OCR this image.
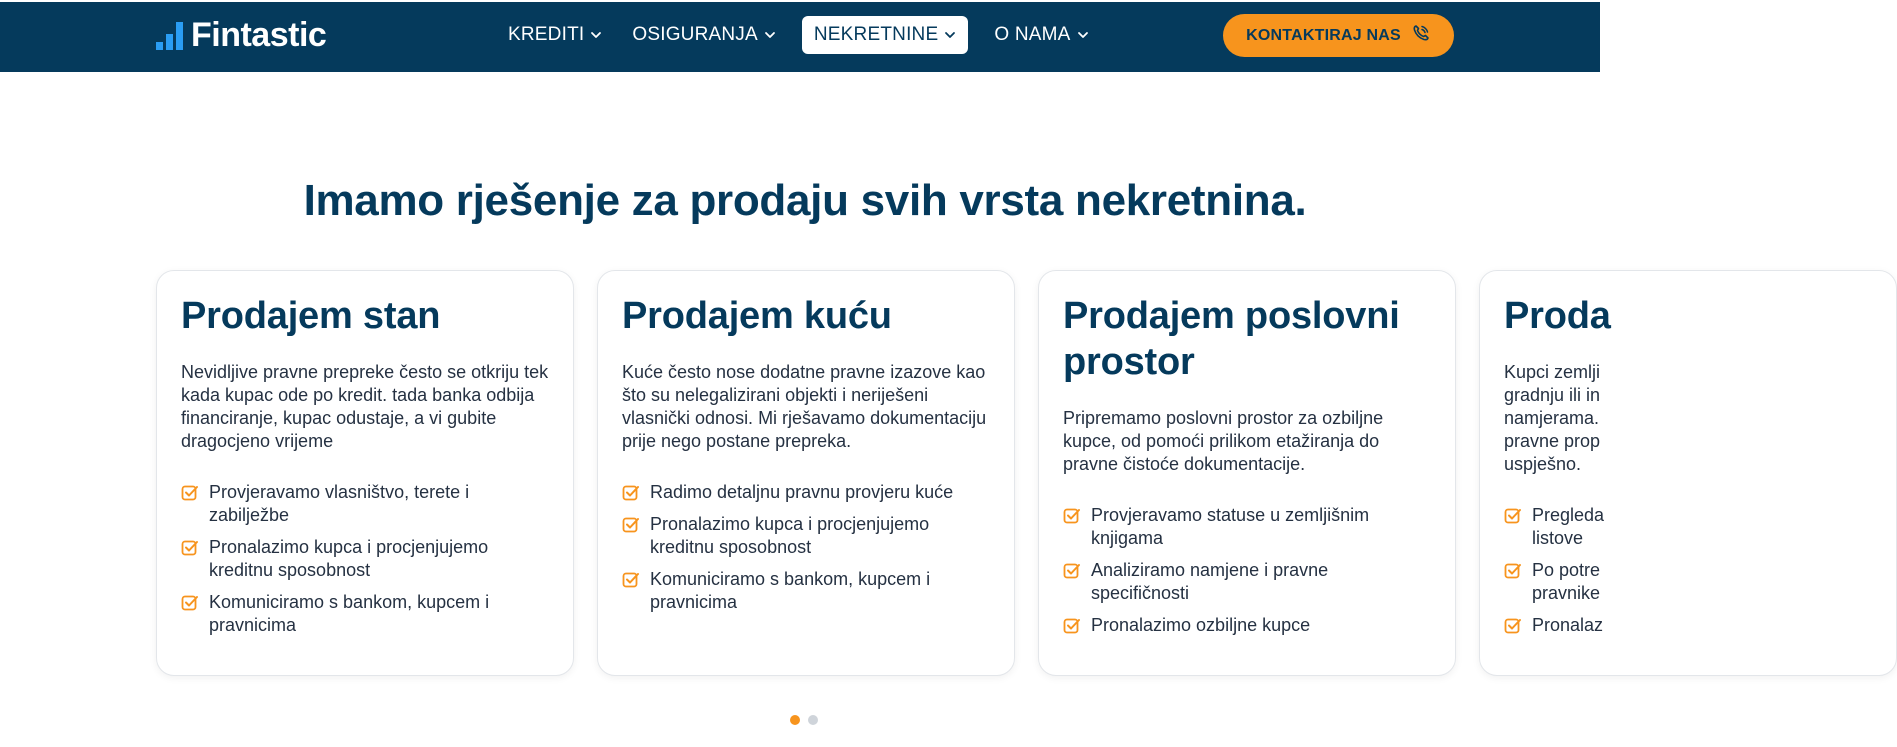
Fintastic	KREDITI	OSIGURANJA	NEKRETNINE	O NAMA	KONTAKTIRAJ NAS
Imamo rješenje za prodaju svih vrsta nekretnina.
Prodajem stan

Nevidljive pravne prepreke često se otkriju tek kada kupac ode po kredit. tada banka odbija financiranje, kupac odustaje, a vi gubite dragocjeno vrijeme

Provjeravamo vlasništvo, terete i zabilježbe
Pronalazimo kupca i procjenjujemo kreditnu sposobnost
Komuniciramo s bankom, kupcem i pravnicima
Prodajem kuću

Kuće često nose dodatne pravne izazove kao što su nelegalizirani objekti i neriješeni vlasnički odnosi. Mi rješavamo dokumentaciju prije nego postane prepreka.

Radimo detaljnu pravnu provjeru kuće
Pronalazimo kupca i procjenjujemo kreditnu sposobnost
Komuniciramo s bankom, kupcem i pravnicima
Prodajem poslovni prostor

Pripremamo poslovni prostor za ozbiljne kupce, od pomoći prilikom etažiranja do pravne čistoće dokumentacije.

Provjeravamo statuse u zemljišnim knjigama
Analiziramo namjene i pravne specifičnosti
Pronalazimo ozbiljne kupce
Proda

Kupci zemlji gradnju ili in namjerama. pravne prop uspješno.

Pregleda listove
Po potre pravnike
Pronalaz
